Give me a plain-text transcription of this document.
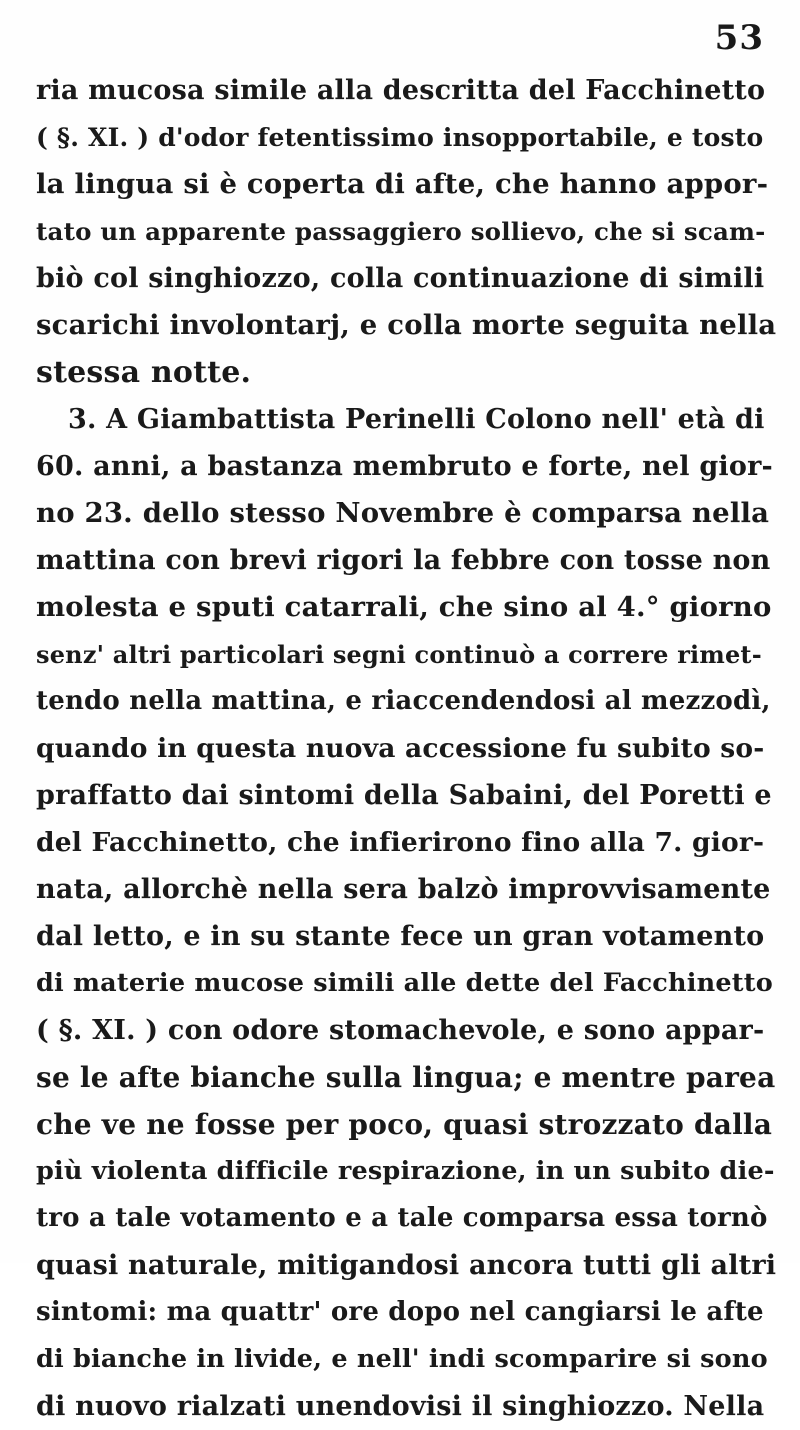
53
ria mucosa simile alla descritta del Facchinetto
( §. XI. ) d'odor fetentissimo insopportabile, e tosto
la lingua si è coperta di afte, che hanno appor-
tato un apparente passaggiero sollievo, che si scam-
biò col singhiozzo, colla continuazione di simili
scarichi involontarj, e colla morte seguita nella
stessa notte.
3. A Giambattista Perinelli Colono nell' età di
60. anni, a bastanza membruto e forte, nel gior-
no 23. dello stesso Novembre è comparsa nella
mattina con brevi rigori la febbre con tosse non
molesta e sputi catarrali, che sino al 4.° giorno
senz' altri particolari segni continuò a correre rimet-
tendo nella mattina, e riaccendendosi al mezzodì,
quando in questa nuova accessione fu subito so-
praffatto dai sintomi della Sabaini, del Poretti e
del Facchinetto, che infierirono fino alla 7. gior-
nata, allorchè nella sera balzò improvvisamente
dal letto, e in su stante fece un gran votamento
di materie mucose simili alle dette del Facchinetto
( §. XI. ) con odore stomachevole, e sono appar-
se le afte bianche sulla lingua; e mentre parea
che ve ne fosse per poco, quasi strozzato dalla
più violenta difficile respirazione, in un subito die-
tro a tale votamento e a tale comparsa essa tornò
quasi naturale, mitigandosi ancora tutti gli altri
sintomi: ma quattr' ore dopo nel cangiarsi le afte
di bianche in livide, e nell' indi scomparire si sono
di nuovo rialzati unendovisi il singhiozzo. Nella
